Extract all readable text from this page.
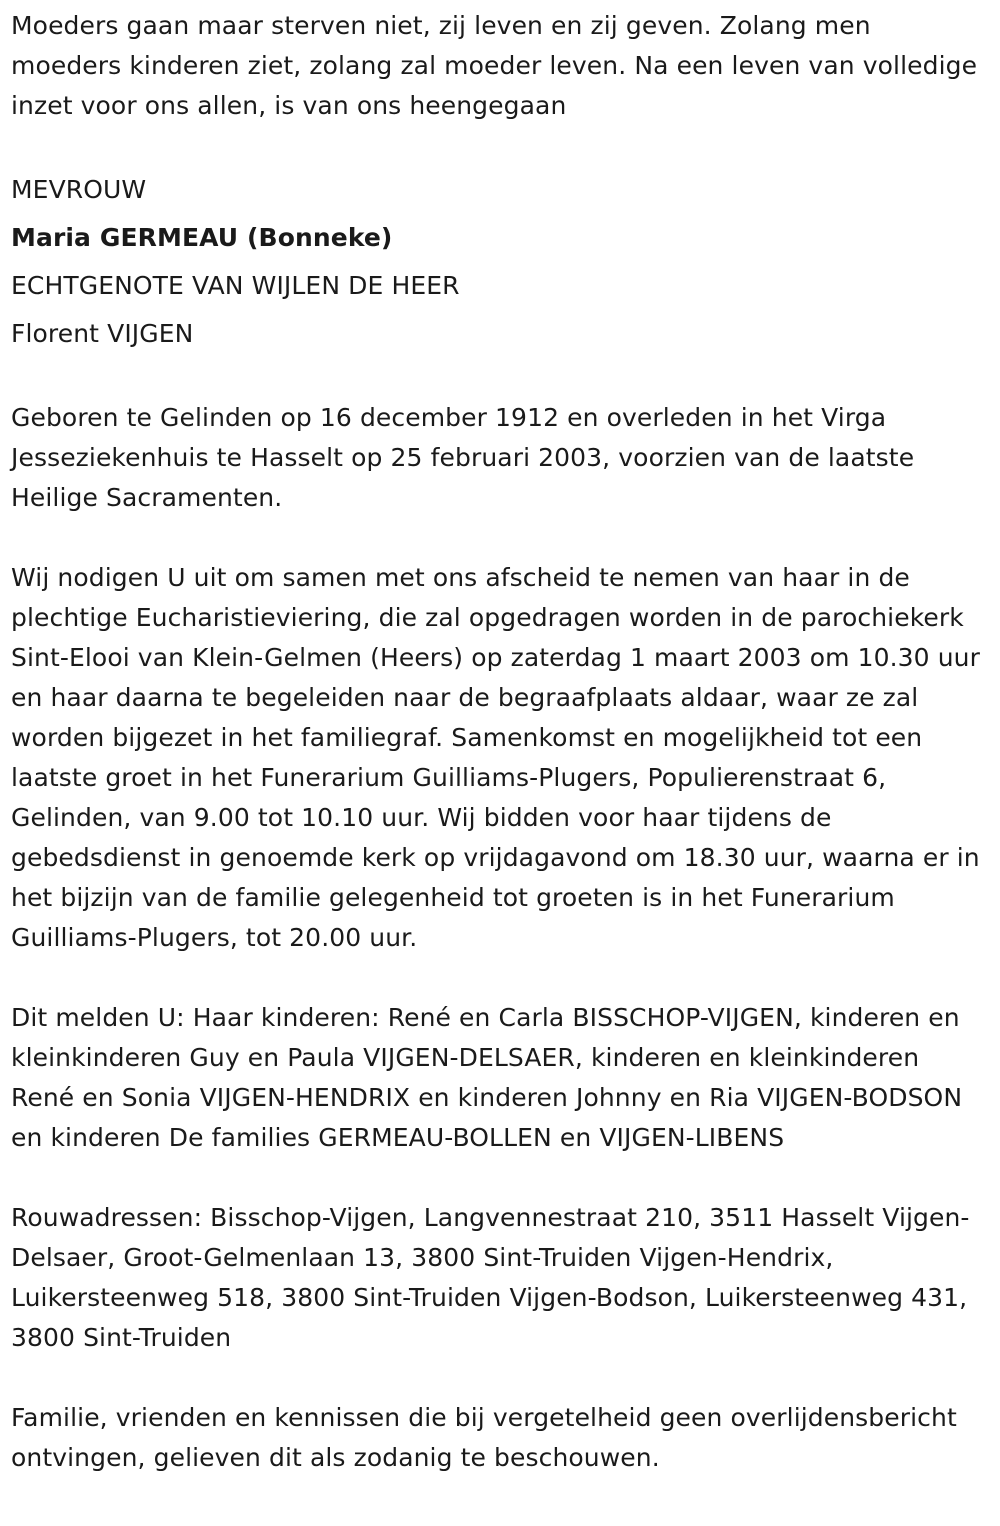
Moeders gaan maar sterven niet, zij leven en zij geven. Zolang men moeders kinderen ziet, zolang zal moeder leven. Na een leven van volledige inzet voor ons allen, is van ons heengegaan

MEVROUW

Maria GERMEAU (Bonneke)

ECHTGENOTE VAN WIJLEN DE HEER

Florent VIJGEN

Geboren te Gelinden op 16 december 1912 en overleden in het Virga Jesseziekenhuis te Hasselt op 25 februari 2003, voorzien van de laatste Heilige Sacramenten.

Wij nodigen U uit om samen met ons afscheid te nemen van haar in de plechtige Eucharistieviering, die zal opgedragen worden in de parochiekerk Sint-Elooi van Klein-Gelmen (Heers) op zaterdag 1 maart 2003 om 10.30 uur en haar daarna te begeleiden naar de begraafplaats aldaar, waar ze zal worden bijgezet in het familiegraf. Samenkomst en mogelijkheid tot een laatste groet in het Funerarium Guilliams-Plugers, Populierenstraat 6, Gelinden, van 9.00 tot 10.10 uur. Wij bidden voor haar tijdens de gebedsdienst in genoemde kerk op vrijdagavond om 18.30 uur, waarna er in het bijzijn van de familie gelegenheid tot groeten is in het Funerarium Guilliams-Plugers, tot 20.00 uur.

Dit melden U: Haar kinderen: René en Carla BISSCHOP-VIJGEN, kinderen en kleinkinderen Guy en Paula VIJGEN-DELSAER, kinderen en kleinkinderen René en Sonia VIJGEN-HENDRIX en kinderen Johnny en Ria VIJGEN-BODSON en kinderen De families GERMEAU-BOLLEN en VIJGEN-LIBENS

Rouwadressen: Bisschop-Vijgen, Langvennestraat 210, 3511 Hasselt Vijgen-Delsaer, Groot-Gelmenlaan 13, 3800 Sint-Truiden Vijgen-Hendrix, Luikersteenweg 518, 3800 Sint-Truiden Vijgen-Bodson, Luikersteenweg 431, 3800 Sint-Truiden

Familie, vrienden en kennissen die bij vergetelheid geen overlijdensbericht ontvingen, gelieven dit als zodanig te beschouwen.
